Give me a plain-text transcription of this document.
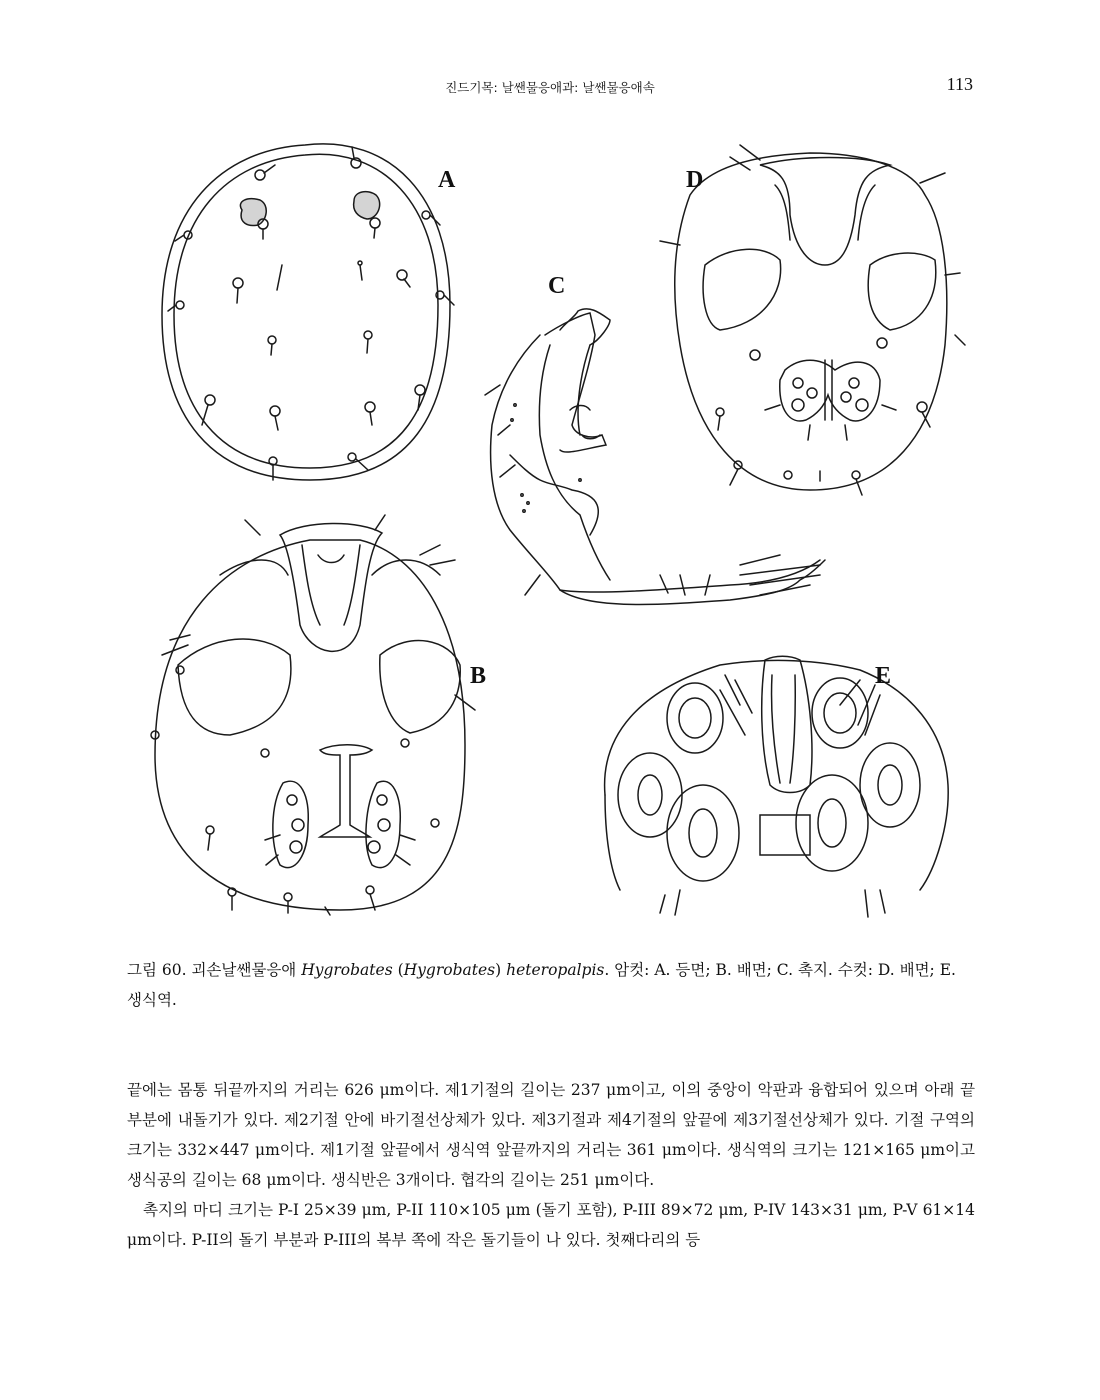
진드기목: 날쌘물응애과: 날쌘물응애속	113
A
C
D
B	E
그림 60. 괴손날쌘물응애 Hygrobates (Hygrobates) heteropalpis. 암컷: A. 등면; B. 배면; C. 촉지. 수컷: D. 배면; E. 생식역.

끝에는 몸통 뒤끝까지의 거리는 626 μm이다. 제1기절의 길이는 237 μm이고, 이의 중앙이 악판과 융합되어 있으며 아래 끝 부분에 내돌기가 있다. 제2기절 안에 바기절선상체가 있다. 제3기절과 제4기절의 앞끝에 제3기절선상체가 있다. 기절 구역의 크기는 332×447 μm이다. 제1기절 앞끝에서 생식역 앞끝까지의 거리는 361 μm이다. 생식역의 크기는 121×165 μm이고 생식공의 길이는 68 μm이다. 생식반은 3개이다. 협각의 길이는 251 μm이다.

촉지의 마디 크기는 P-I 25×39 μm, P-II 110×105 μm (돌기 포함), P-III 89×72 μm, P-IV 143×31 μm, P-V 61×14 μm이다. P-II의 돌기 부분과 P-III의 복부 쪽에 작은 돌기들이 나 있다. 첫째다리의 등
